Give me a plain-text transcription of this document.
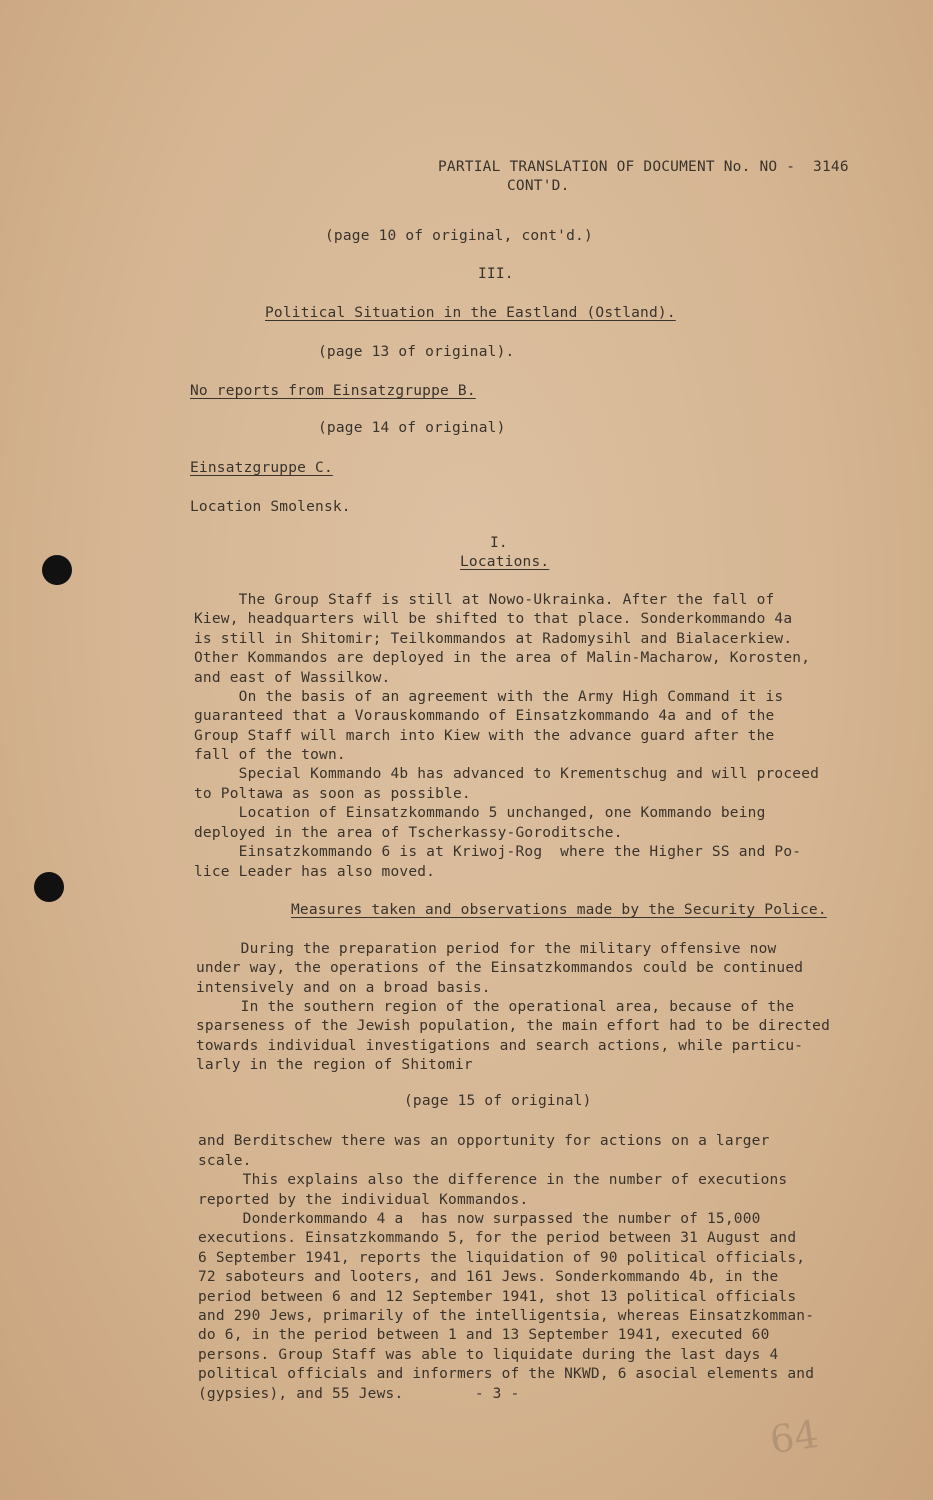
PARTIAL TRANSLATION OF DOCUMENT No. NO -  3146
CONT'D.
(page 10 of original, cont'd.)
III.
Political Situation in the Eastland (Ostland).
(page 13 of original).
No reports from Einsatzgruppe B.
(page 14 of original)
Einsatzgruppe C.
Location Smolensk.
I.
Locations.
The Group Staff is still at Nowo-Ukrainka. After the fall of
Kiew, headquarters will be shifted to that place. Sonderkommando 4a
is still in Shitomir; Teilkommandos at Radomysihl and Bialacerkiew.
Other Kommandos are deployed in the area of Malin-Macharow, Korosten,
and east of Wassilkow.
On the basis of an agreement with the Army High Command it is
guaranteed that a Vorauskommando of Einsatzkommando 4a and of the
Group Staff will march into Kiew with the advance guard after the
fall of the town.
Special Kommando 4b has advanced to Krementschug and will proceed
to Poltawa as soon as possible.
Location of Einsatzkommando 5 unchanged, one Kommando being
deployed in the area of Tscherkassy-Goroditsche.
Einsatzkommando 6 is at Kriwoj-Rog  where the Higher SS and Po-
lice Leader has also moved.
Measures taken and observations made by the Security Police.
During the preparation period for the military offensive now
under way, the operations of the Einsatzkommandos could be continued
intensively and on a broad basis.
In the southern region of the operational area, because of the
sparseness of the Jewish population, the main effort had to be directed
towards individual investigations and search actions, while particu-
larly in the region of Shitomir
(page 15 of original)
and Berditschew there was an opportunity for actions on a larger
scale.
This explains also the difference in the number of executions
reported by the individual Kommandos.
Donderkommando 4 a  has now surpassed the number of 15,000
executions. Einsatzkommando 5, for the period between 31 August and
6 September 1941, reports the liquidation of 90 political officials,
72 saboteurs and looters, and 161 Jews. Sonderkommando 4b, in the
period between 6 and 12 September 1941, shot 13 political officials
and 290 Jews, primarily of the intelligentsia, whereas Einsatzkomman-
do 6, in the period between 1 and 13 September 1941, executed 60
persons. Group Staff was able to liquidate during the last days 4
political officials and informers of the NKWD, 6 asocial elements and
(gypsies), and 55 Jews.        - 3 -
64
